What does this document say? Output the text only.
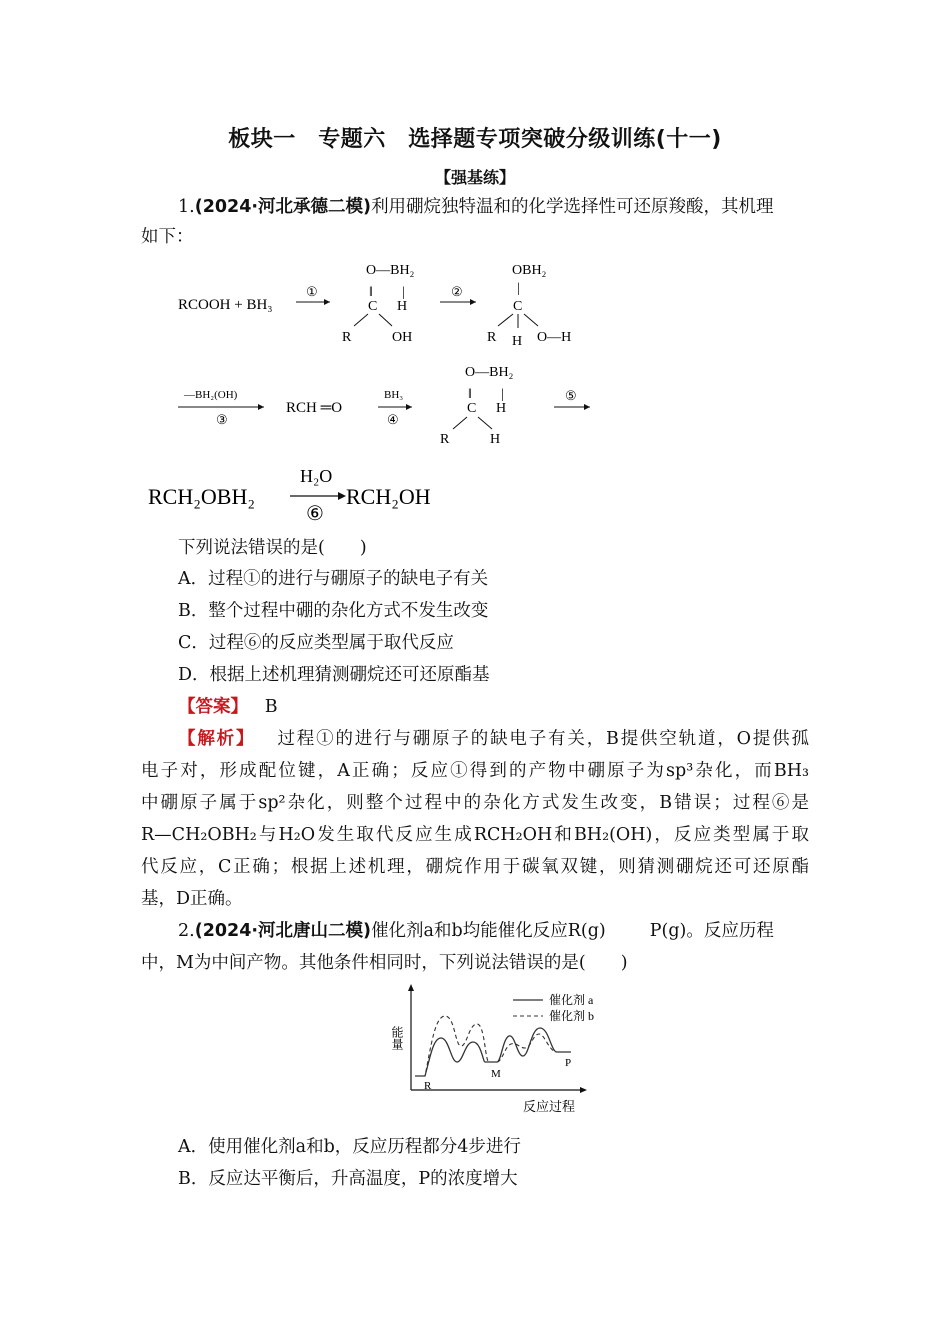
板块一　专题六　选择题专项突破分级训练(十一)
【强基练】
1.(2024·河北承德二模)利用硼烷独特温和的化学选择性可还原羧酸，其机理
如下：
RCOOH + BH₃
①
O—BH₂
‖ |
C H
R	OH
②
OBH₂
|
C
R H O—H
—BH₂(OH)
③
RCH ═O
BH₃
④
O—BH₂
‖ |
C H
R	H
⑤
RCH₂OBH₂
H₂O
⑥
RCH₂OH
下列说法错误的是(　　)
A．过程①的进行与硼原子的缺电子有关
B．整个过程中硼的杂化方式不发生改变
C．过程⑥的反应类型属于取代反应
D．根据上述机理猜测硼烷还可还原酯基
【答案】 B
【解析】 过程①的进行与硼原子的缺电子有关，B提供空轨道，O提供孤
电子对，形成配位键，A正确；反应①得到的产物中硼原子为sp³杂化，而BH₃
中硼原子属于sp²杂化，则整个过程中的杂化方式发生改变，B错误；过程⑥是
R—CH₂OBH₂与H₂O发生取代反应生成RCH₂OH和BH₂(OH)，反应类型属于取
代反应，C正确；根据上述机理，硼烷作用于碳氧双键，则猜测硼烷还可还原酯
基，D正确。
2.(2024·河北唐山二模)催化剂a和b均能催化反应R(g)	P(g)。反应历程
中，M为中间产物。其他条件相同时，下列说法错误的是(　　)
能量
反应过程
R
M
P
催化剂 a
催化剂 b
A．使用催化剂a和b，反应历程都分4步进行
B．反应达平衡后，升高温度，P的浓度增大
